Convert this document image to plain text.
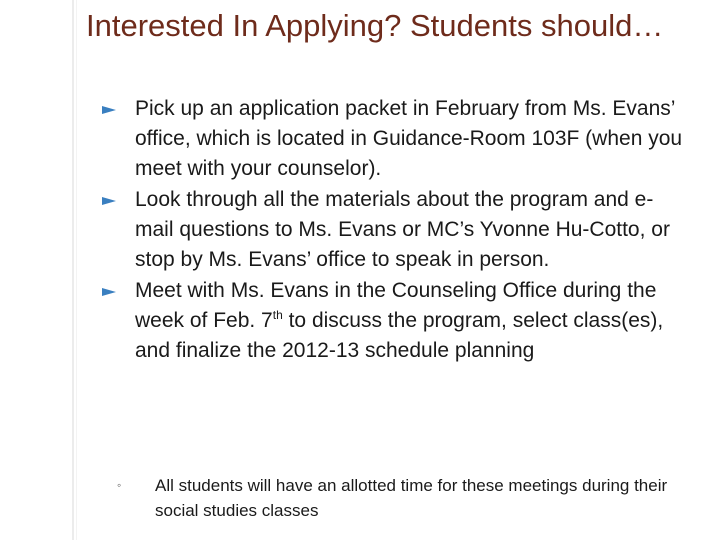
Interested In Applying? Students should…
Pick up an application packet in February from Ms. Evans’ office, which is located in Guidance-Room 103F (when you meet with your counselor).
Look through all the materials about the program and e-mail questions to Ms. Evans or MC’s Yvonne Hu-Cotto, or stop by Ms. Evans’ office to speak in person.
Meet with Ms. Evans in the Counseling Office during the week of Feb. 7th to discuss the program, select class(es), and finalize the 2012-13 schedule planning
◦ All students will have an allotted time for these meetings during their social studies classes
